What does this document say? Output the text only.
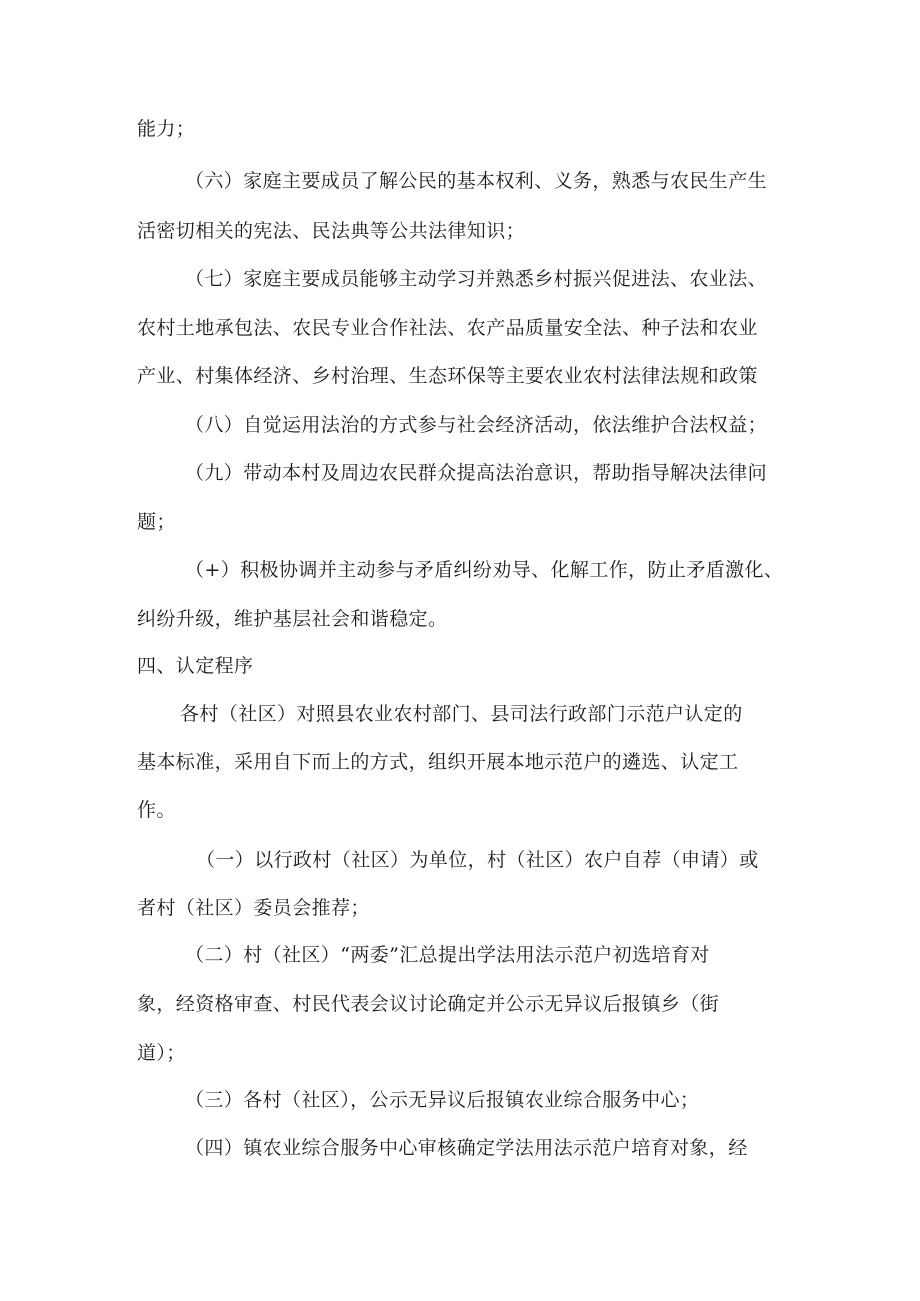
能力；
（六）家庭主要成员了解公民的基本权利、义务，熟悉与农民生产生
活密切相关的宪法、民法典等公共法律知识；
（七）家庭主要成员能够主动学习并熟悉乡村振兴促进法、农业法、
农村土地承包法、农民专业合作社法、农产品质量安全法、种子法和农业
产业、村集体经济、乡村治理、生态环保等主要农业农村法律法规和政策
（八）自觉运用法治的方式参与社会经济活动，依法维护合法权益；
（九）带动本村及周边农民群众提高法治意识，帮助指导解决法律问
题；
（+）积极协调并主动参与矛盾纠纷劝导、化解工作，防止矛盾激化、
纠纷升级，维护基层社会和谐稳定。
四、认定程序
各村（社区）对照县农业农村部门、县司法行政部门示范户认定的
基本标准，采用自下而上的方式，组织开展本地示范户的遴选、认定工
作。
（一）以行政村（社区）为单位，村（社区）农户自荐（申请）或
者村（社区）委员会推荐；
（二）村（社区）“两委”汇总提出学法用法示范户初选培育对
象，经资格审查、村民代表会议讨论确定并公示无异议后报镇乡（街
道）；
（三）各村（社区），公示无异议后报镇农业综合服务中心；
（四）镇农业综合服务中心审核确定学法用法示范户培育对象，经
